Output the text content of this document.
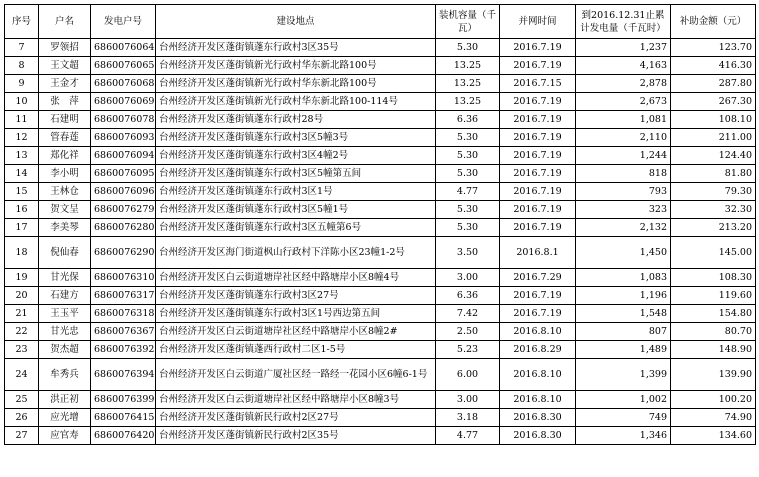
序号	户名	发电户号	建设地点	装机容量（千瓦）	并网时间	到2016.12.31止累计发电量（千瓦时）	补助金额（元）
7	罗领招	6860076064	台州经济开发区蓬街镇蓬东行政村3区35号	5.30	2016.7.19	1,237	123.70
8	王文超	6860076065	台州经济开发区蓬街镇新光行政村华东新北路100号	13.25	2016.7.19	4,163	416.30
9	王金才	6860076068	台州经济开发区蓬街镇新光行政村华东新北路100号	13.25	2016.7.15	2,878	287.80
10	张　萍	6860076069	台州经济开发区蓬街镇新光行政村华东新北路100-114号	13.25	2016.7.19	2,673	267.30
11	石建明	6860076078	台州经济开发区蓬街镇蓬东行政村28号	6.36	2016.7.19	1,081	108.10
12	管春莲	6860076093	台州经济开发区蓬街镇蓬东行政村3区5幢3号	5.30	2016.7.19	2,110	211.00
13	郑化祥	6860076094	台州经济开发区蓬街镇蓬东行政村3区4幢2号	5.30	2016.7.19	1,244	124.40
14	李小明	6860076095	台州经济开发区蓬街镇蓬东行政村3区5幢第五间	5.30	2016.7.19	818	81.80
15	王林仓	6860076096	台州经济开发区蓬街镇蓬东行政村3区1号	4.77	2016.7.19	793	79.30
16	贺文呈	6860076279	台州经济开发区蓬街镇蓬东行政村3区5幢1号	5.30	2016.7.19	323	32.30
17	李美琴	6860076280	台州经济开发区蓬街镇蓬东行政村3区五幢第6号	5.30	2016.7.19	2,132	213.20
18	倪仙春	6860076290	台州经济开发区海门街道枫山行政村下洋陈小区23幢1-2号	3.50	2016.8.1	1,450	145.00
19	甘光保	6860076310	台州经济开发区白云街道塘岸社区经中路塘岸小区8幢4号	3.00	2016.7.29	1,083	108.30
20	石建方	6860076317	台州经济开发区蓬街镇蓬东行政村3区27号	6.36	2016.7.19	1,196	119.60
21	王玉平	6860076318	台州经济开发区蓬街镇蓬东行政村3区1号西边第五间	7.42	2016.7.19	1,548	154.80
22	甘光忠	6860076367	台州经济开发区白云街道塘岸社区经中路塘岸小区8幢2#	2.50	2016.8.10	807	80.70
23	贺杰超	6860076392	台州经济开发区蓬街镇蓬西行政村二区1-5号	5.23	2016.8.29	1,489	148.90
24	牟秀兵	6860076394	台州经济开发区白云街道广厦社区经一路经一花园小区6幢6-1号	6.00	2016.8.10	1,399	139.90
25	洪正初	6860076399	台州经济开发区白云街道塘岸社区经中路塘岸小区8幢3号	3.00	2016.8.10	1,002	100.20
26	应光增	6860076415	台州经济开发区蓬街镇新民行政村2区27号	3.18	2016.8.30	749	74.90
27	应官寿	6860076420	台州经济开发区蓬街镇新民行政村2区35号	4.77	2016.8.30	1,346	134.60
